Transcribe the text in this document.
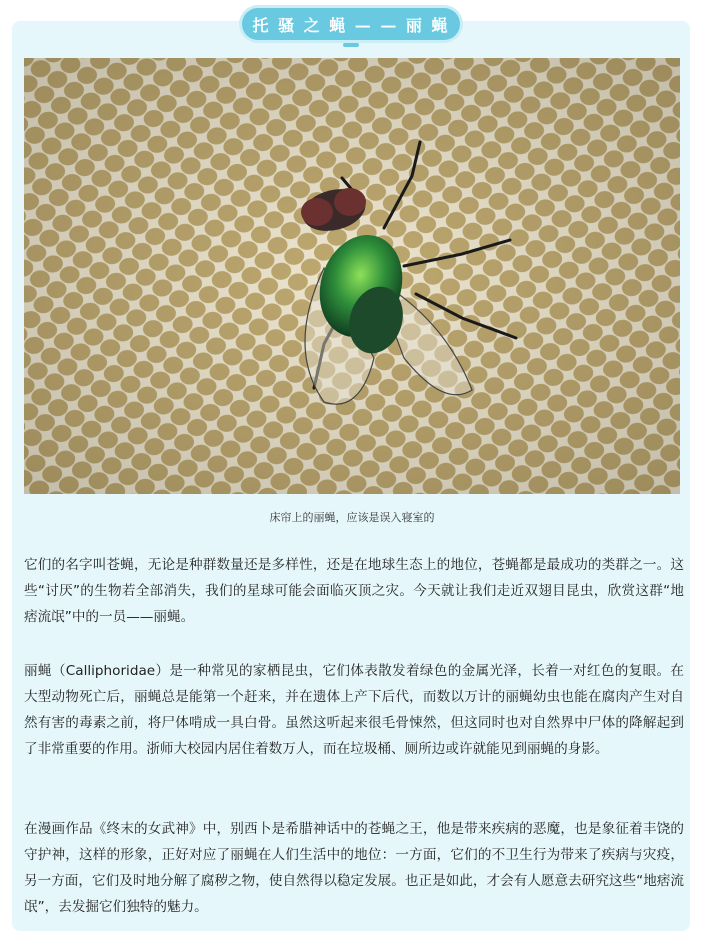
托 骚 之 蝇 — — 丽 蝇
床帘上的丽蝇，应该是误入寝室的

它们的名字叫苍蝇，无论是种群数量还是多样性，还是在地球生态上的地位，苍蝇都是最成功的类群之一。这些“讨厌”的生物若全部消失，我们的星球可能会面临灭顶之灾。今天就让我们走近双翅目昆虫，欣赏这群“地痞流氓”中的一员——丽蝇。

丽蝇（Calliphoridae）是一种常见的家栖昆虫，它们体表散发着绿色的金属光泽，长着一对红色的复眼。在大型动物死亡后，丽蝇总是能第一个赶来，并在遗体上产下后代，而数以万计的丽蝇幼虫也能在腐肉产生对自然有害的毒素之前，将尸体啃成一具白骨。虽然这听起来很毛骨悚然，但这同时也对自然界中尸体的降解起到了非常重要的作用。浙师大校园内居住着数万人，而在垃圾桶、厕所边或许就能见到丽蝇的身影。

在漫画作品《终末的女武神》中，别西卜是希腊神话中的苍蝇之王，他是带来疾病的恶魔，也是象征着丰饶的守护神，这样的形象，正好对应了丽蝇在人们生活中的地位：一方面，它们的不卫生行为带来了疾病与灾疫，另一方面，它们及时地分解了腐秽之物，使自然得以稳定发展。也正是如此，才会有人愿意去研究这些“地痞流氓”，去发掘它们独特的魅力。
